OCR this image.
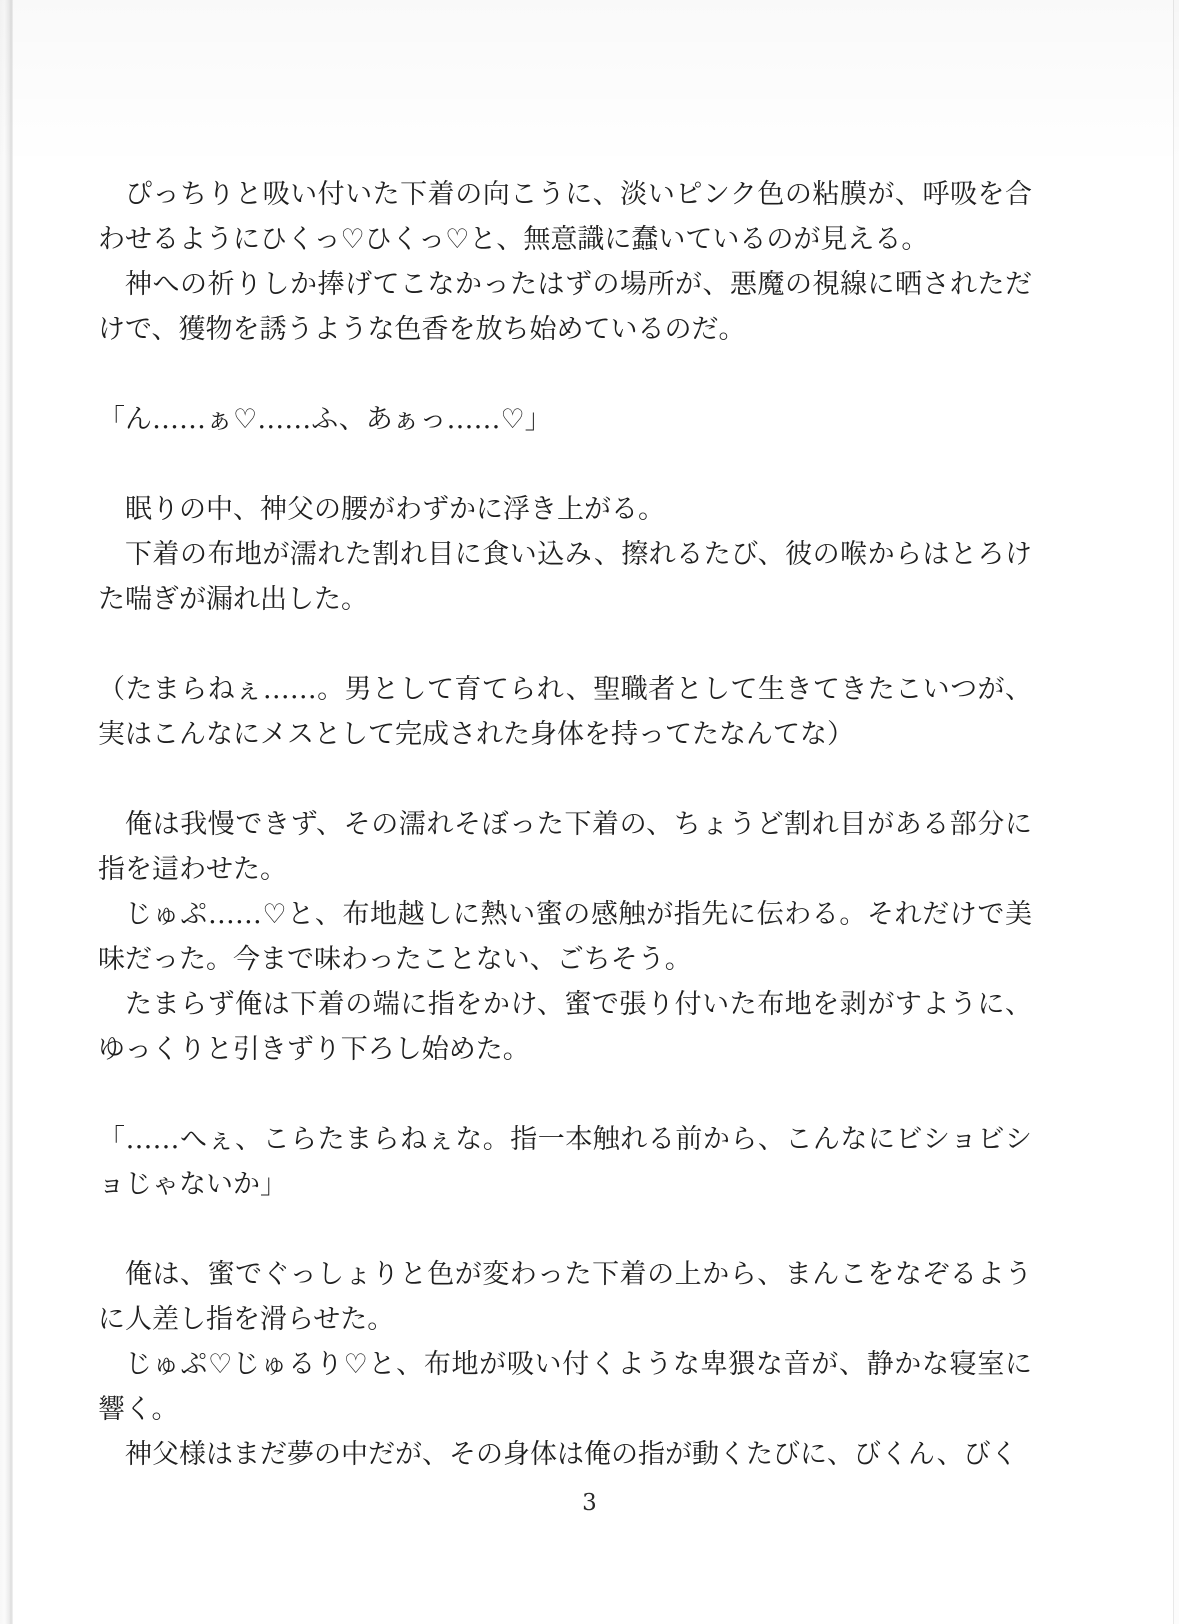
ぴっちりと吸い付いた下着の向こうに、淡いピンク色の粘膜が、呼吸を合わせるようにひくっ♡ひくっ♡と、無意識に蠢いているのが見える。

神への祈りしか捧げてこなかったはずの場所が、悪魔の視線に晒されただけで、獲物を誘うような色香を放ち始めているのだ。

「ん……ぁ♡……ふ、あぁっ……♡」

眠りの中、神父の腰がわずかに浮き上がる。

下着の布地が濡れた割れ目に食い込み、擦れるたび、彼の喉からはとろけた喘ぎが漏れ出した。

（たまらねぇ……。男として育てられ、聖職者として生きてきたこいつが、実はこんなにメスとして完成された身体を持ってたなんてな）

俺は我慢できず、その濡れそぼった下着の、ちょうど割れ目がある部分に指を這わせた。

じゅぷ……♡と、布地越しに熱い蜜の感触が指先に伝わる。それだけで美味だった。今まで味わったことない、ごちそう。

たまらず俺は下着の端に指をかけ、蜜で張り付いた布地を剥がすように、ゆっくりと引きずり下ろし始めた。

「……へぇ、こらたまらねぇな。指一本触れる前から、こんなにビショビショじゃないか」

俺は、蜜でぐっしょりと色が変わった下着の上から、まんこをなぞるように人差し指を滑らせた。

じゅぷ♡じゅるり♡と、布地が吸い付くような卑猥な音が、静かな寝室に響く。

神父様はまだ夢の中だが、その身体は俺の指が動くたびに、びくん、びく

3
